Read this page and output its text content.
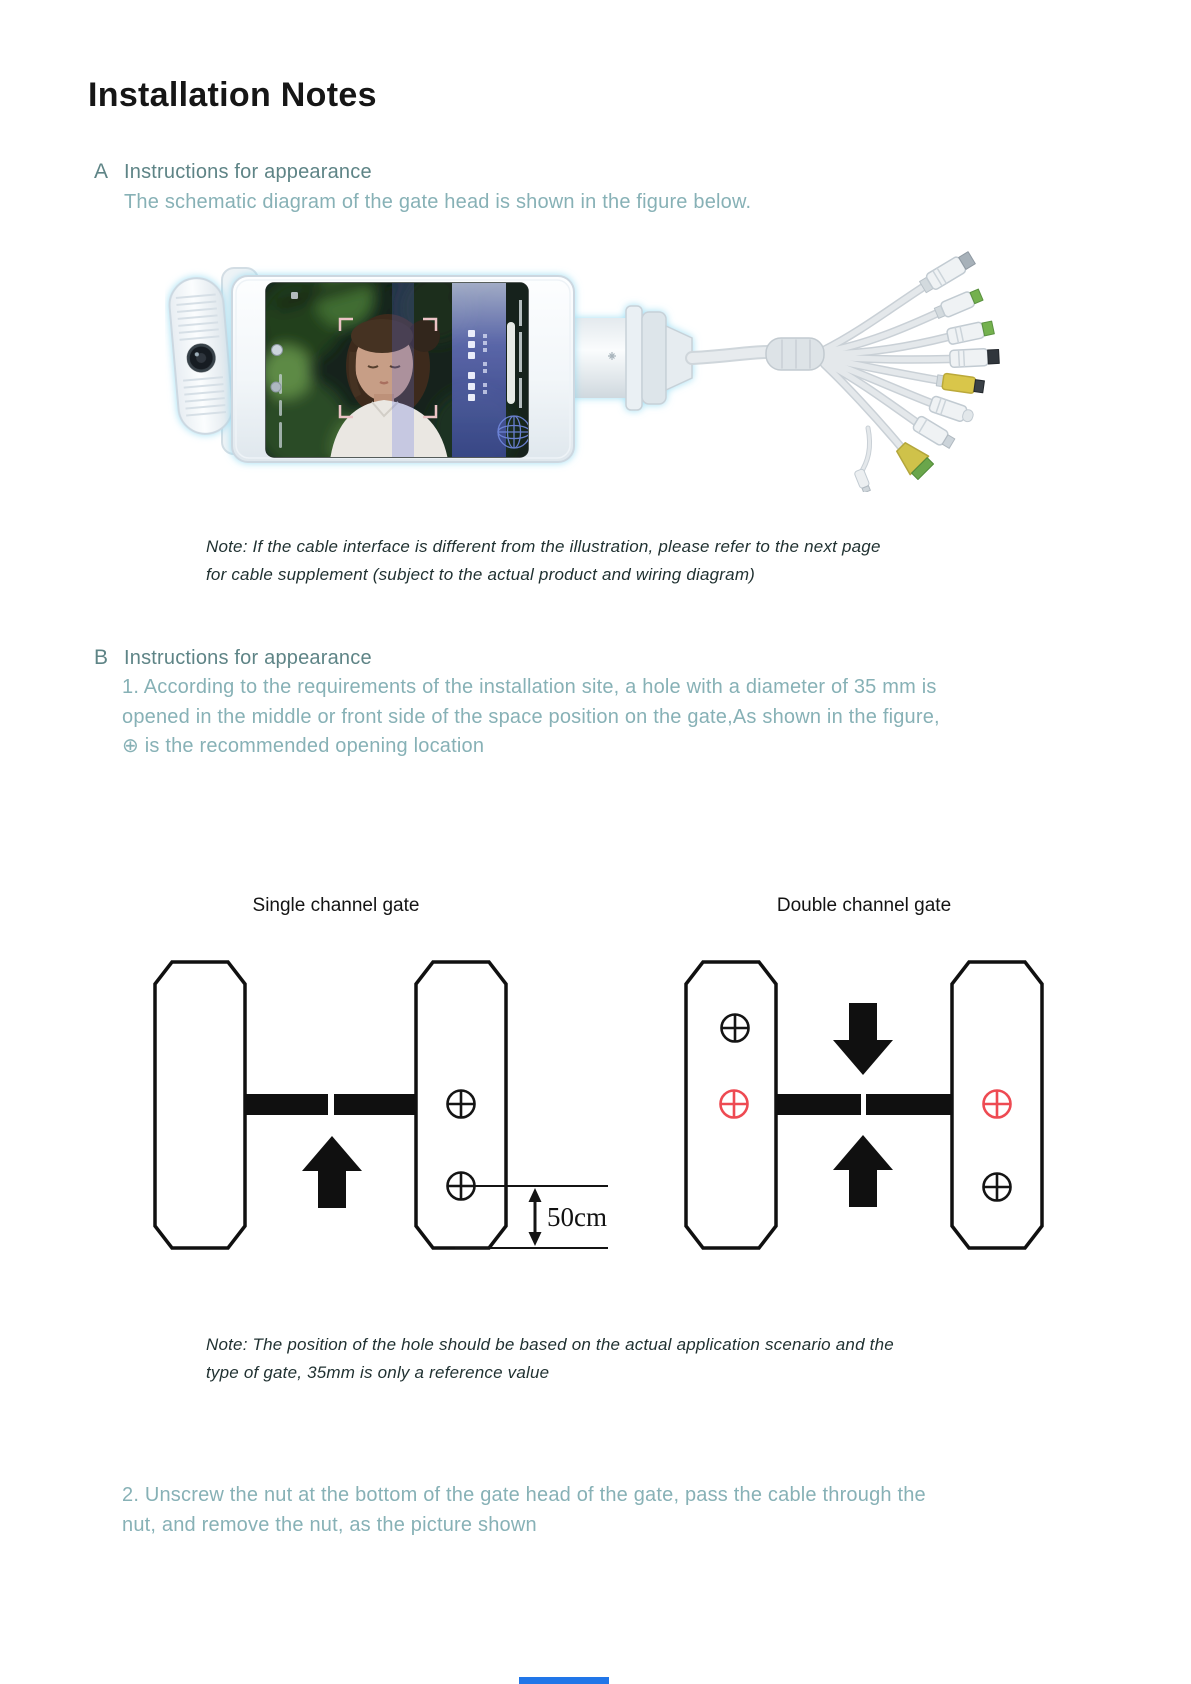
Installation Notes
A Instructions for appearance
The schematic diagram of the gate head is shown in the figure below.
Note: If the cable interface is different from the illustration, please refer to the next page
for cable supplement (subject to the actual product and wiring diagram)
B Instructions for appearance
1. According to the requirements of the installation site, a hole with a diameter of 35 mm is
opened in the middle or front side of the space position on the gate,As shown in the figure,
⊕ is the recommended opening location
Single channel gate	Double channel gate
50cm
Note: The position of the hole should be based on the actual application scenario and the
type of gate, 35mm is only a reference value
2. Unscrew the nut at the bottom of the gate head of the gate, pass the cable through the
nut, and remove the nut, as the picture shown
